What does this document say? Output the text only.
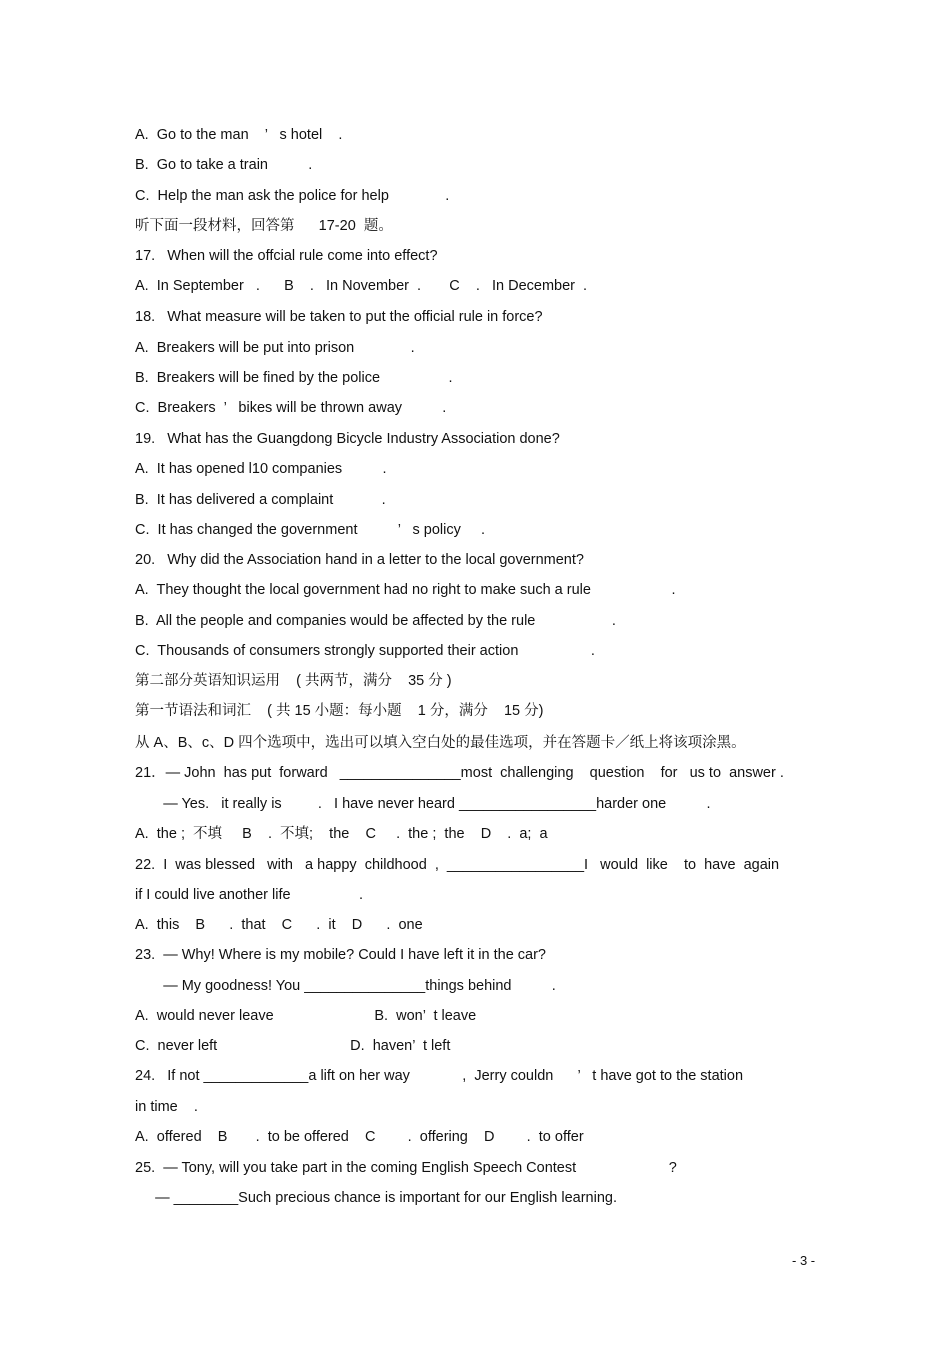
A.  Go to the man    ’   s hotel    .
B.  Go to take a train          .
C.  Help the man ask the police for help              .
听下面一段材料，回答第      17-20  题。
17.   When will the offcial rule come into effect?
A.  In September   .      B    .   In November  .       C    .   In December  .
18.   What measure will be taken to put the official rule in force?
A.  Breakers will be put into prison              .
B.  Breakers will be fined by the police                 .
C.  Breakers  ’   bikes will be thrown away          .
19.   What has the Guangdong Bicycle Industry Association done?
A.  It has opened l10 companies          .
B.  It has delivered a complaint            .
C.  It has changed the government          ’   s policy     .
20.   Why did the Association hand in a letter to the local government?
A.  They thought the local government had no right to make such a rule                    .
B.  All the people and companies would be affected by the rule                   .
C.  Thousands of consumers strongly supported their action                  .
第二部分英语知识运用    ( 共两节，满分    35 分 )
第一节语法和词汇    ( 共 15 小题：每小题    1 分，满分    15 分)
从 A、B、c、D 四个选项中，选出可以填入空白处的最佳选项，并在答题卡／纸上将该项涂黑。
21．— John  has put  forward   _______________most  challenging    question    for   us to  answer .
— Yes.   it really is         .   I have never heard _________________harder one          .
A.  the ;  不填     B    .  不填;    the    C     .  the ;  the    D    .  a;  a
22.  I  was blessed   with   a happy  childhood  ,  _________________I   would  like    to  have  again
if I could live another life                 .
A.  this    B      .  that    C      .  it    D      .  one
23.  — Why! Where is my mobile? Could I have left it in the car?
— My goodness! You _______________things behind          .
A.  would never leave                         B.  won’  t leave
C.  never left                                 D.  haven’  t left
24.   If not _____________a lift on her way             ,  Jerry couldn      ’   t have got to the station
in time    .
A.  offered    B       .  to be offered    C        .  offering    D        .  to offer
25.  — Tony, will you take part in the coming English Speech Contest                       ?
— ________Such precious chance is important for our English learning.
- 3 -
